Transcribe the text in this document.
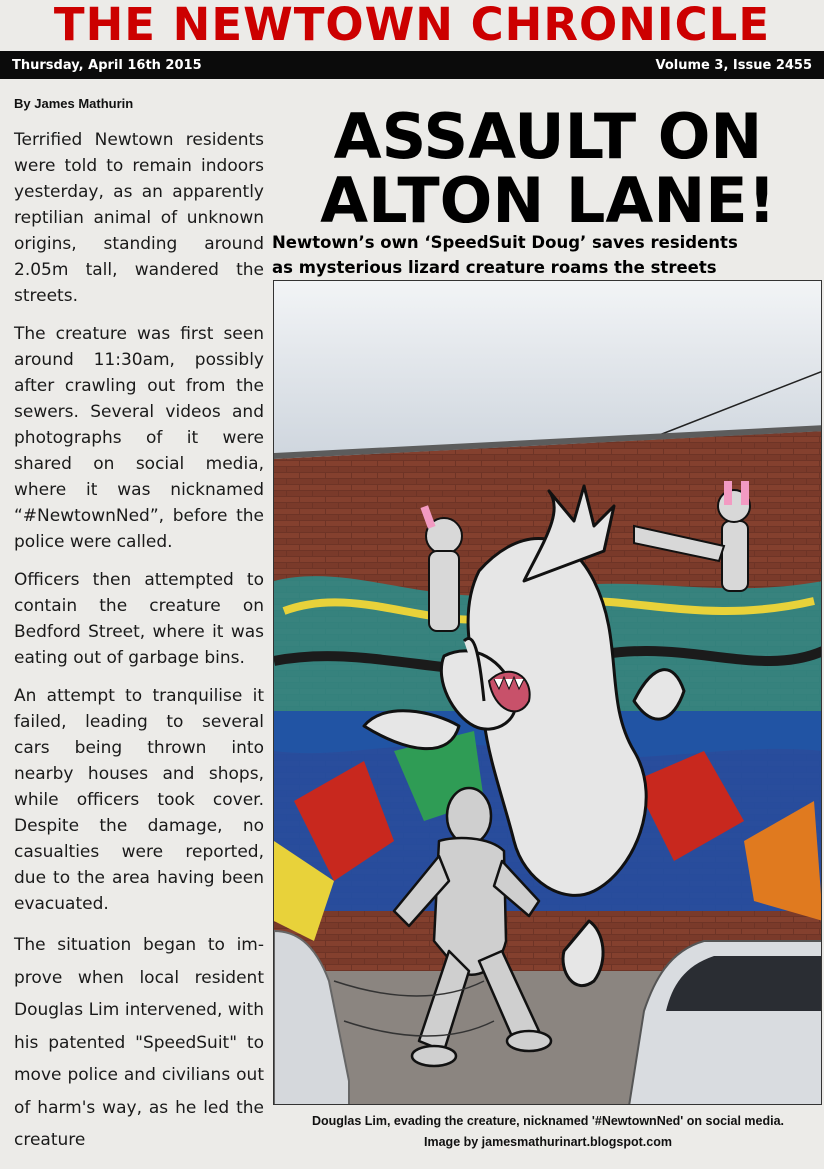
THE NEWTOWN CHRONICLE
Thursday, April 16th 2015	Volume 3, Issue 2455
By James Mathurin

Terrified Newtown residents were told to remain indoors yesterday, as an apparently reptilian animal of unknown origins, standing around 2.05m tall, wandered the streets.

The creature was first seen around 11:30am, possibly after crawling out from the sewers. Several videos and photographs of it were shared on social media, where it was nicknamed “#NewtownNed”, before the police were called.

Officers then attempted to contain the creature on Bedford Street, where it was eating out of garbage bins.

An attempt to tranquilise it failed, leading to several cars being thrown into nearby houses and shops, while officers took cover. Despite the damage, no casualties were reported, due to the area having been evacuated.

The situation began to im-prove when local resident Douglas Lim intervened, with his patented "SpeedSuit" to move police and civilians out of harm's way, as he led the creature

ASSAULT ON
ALTON LANE!
Newtown’s own ‘SpeedSuit Doug’ saves residents
as mysterious lizard creature roams the streets
Douglas Lim, evading the creature, nicknamed '#NewtownNed' on social media.
Image by jamesmathurinart.blogspot.com
